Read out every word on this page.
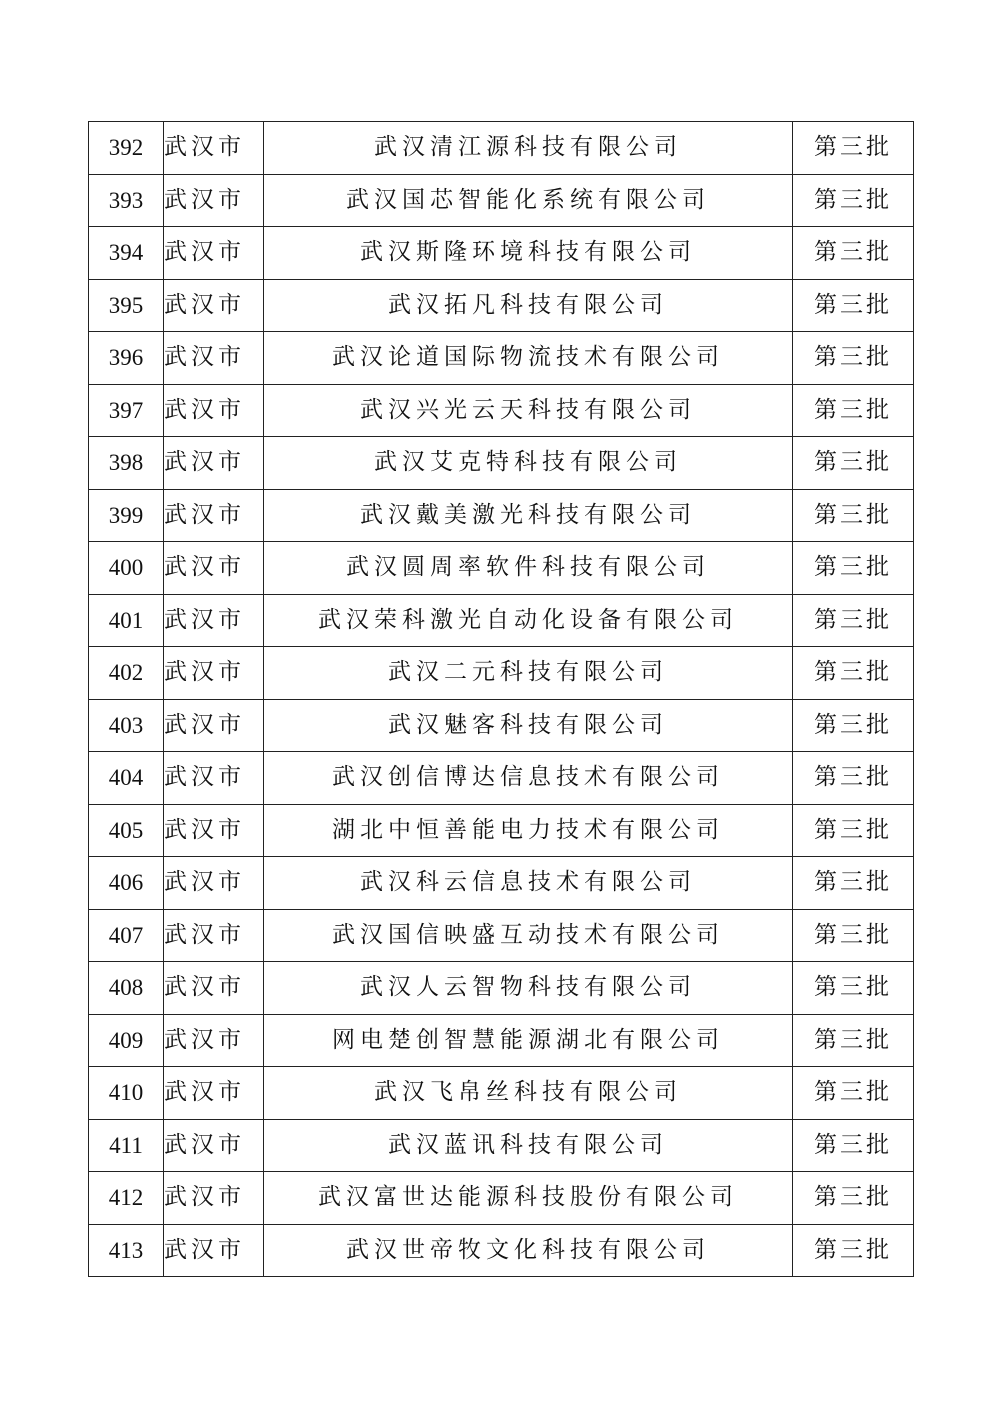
392	武汉市	武汉清江源科技有限公司	第三批
393	武汉市	武汉国芯智能化系统有限公司	第三批
394	武汉市	武汉斯隆环境科技有限公司	第三批
395	武汉市	武汉拓凡科技有限公司	第三批
396	武汉市	武汉论道国际物流技术有限公司	第三批
397	武汉市	武汉兴光云天科技有限公司	第三批
398	武汉市	武汉艾克特科技有限公司	第三批
399	武汉市	武汉戴美激光科技有限公司	第三批
400	武汉市	武汉圆周率软件科技有限公司	第三批
401	武汉市	武汉荣科激光自动化设备有限公司	第三批
402	武汉市	武汉二元科技有限公司	第三批
403	武汉市	武汉魅客科技有限公司	第三批
404	武汉市	武汉创信博达信息技术有限公司	第三批
405	武汉市	湖北中恒善能电力技术有限公司	第三批
406	武汉市	武汉科云信息技术有限公司	第三批
407	武汉市	武汉国信映盛互动技术有限公司	第三批
408	武汉市	武汉人云智物科技有限公司	第三批
409	武汉市	网电楚创智慧能源湖北有限公司	第三批
410	武汉市	武汉飞帛丝科技有限公司	第三批
411	武汉市	武汉蓝讯科技有限公司	第三批
412	武汉市	武汉富世达能源科技股份有限公司	第三批
413	武汉市	武汉世帝牧文化科技有限公司	第三批
